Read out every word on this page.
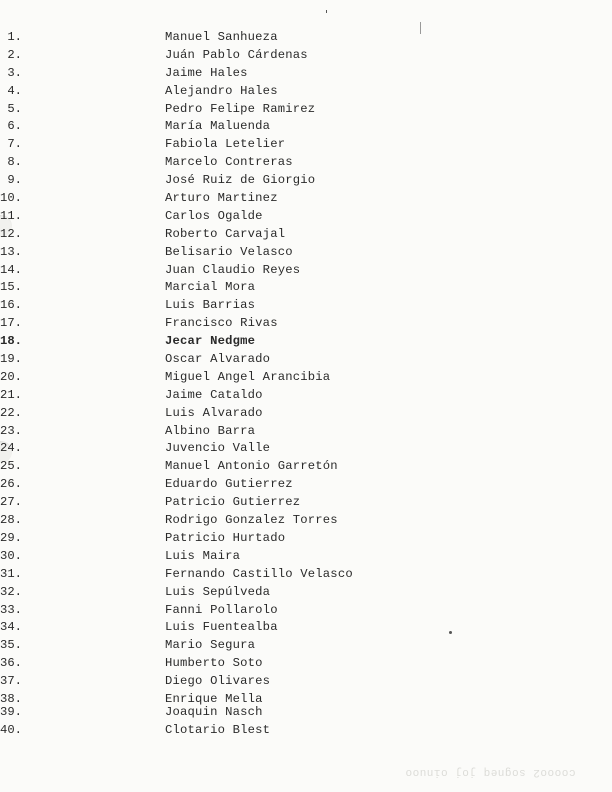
1.	Manuel Sanhueza
2.	Juán Pablo Cárdenas
3.	Jaime Hales
4.	Alejandro Hales
5.	Pedro Felipe Ramirez
6.	María Maluenda
7.	Fabiola Letelier
8.	Marcelo Contreras
9.	José Ruiz de Giorgio
10.	Arturo Martinez
11.	Carlos Ogalde
12.	Roberto Carvajal
13.	Belisario Velasco
14.	Juan Claudio Reyes
15.	Marcial Mora
16.	Luis Barrias
17.	Francisco Rivas
18.	Jecar Nedgme
19.	Oscar Alvarado
20.	Miguel Angel Arancibia
21.	Jaime Cataldo
22.	Luis Alvarado
23.	Albino Barra
24.	Juvencio Valle
25.	Manuel Antonio Garretón
26.	Eduardo Gutierrez
27.	Patricio Gutierrez
28.	Rodrigo Gonzalez Torres
29.	Patricio Hurtado
30.	Luis Maira
31.	Fernando Castillo Velasco
32.	Luis Sepúlveda
33.	Fanni Pollarolo
34.	Luis Fuentealba
35.	Mario Segura
36.	Humberto Soto
37.	Diego Olivares
38.	Enrique Mella
39.	Joaquin Nasch
40.	Clotario Blest
coooo2 sogneq joj oinuoo
